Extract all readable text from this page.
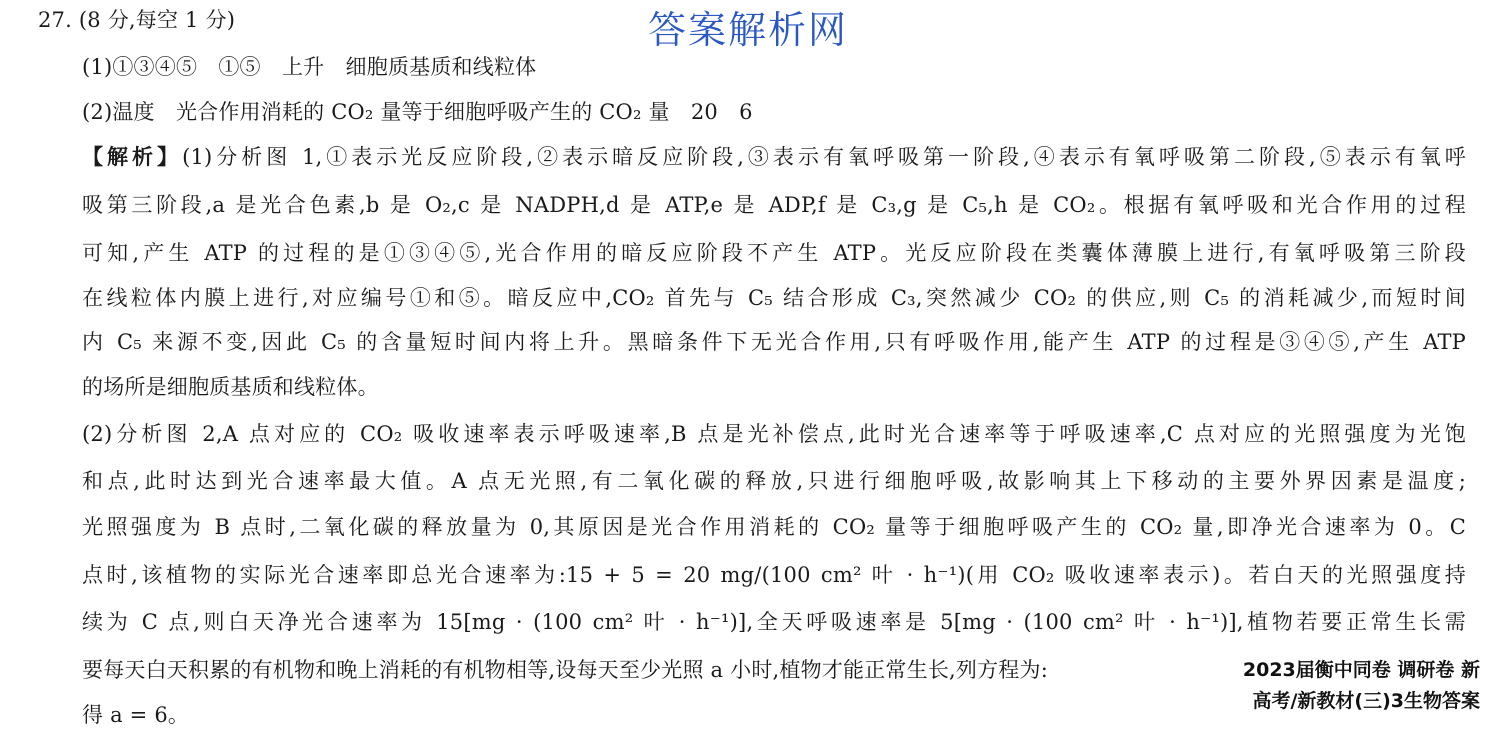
答案解析网
27. (8 分,每空 1 分)
(1)①③④⑤　①⑤　上升　细胞质基质和线粒体
(2)温度　光合作用消耗的 CO₂ 量等于细胞呼吸产生的 CO₂ 量　20　6
【解析】(1)分析图 1,①表示光反应阶段,②表示暗反应阶段,③表示有氧呼吸第一阶段,④表示有氧呼吸第二阶段,⑤表示有氧呼
吸第三阶段,a 是光合色素,b 是 O₂,c 是 NADPH,d 是 ATP,e 是 ADP,f 是 C₃,g 是 C₅,h 是 CO₂。根据有氧呼吸和光合作用的过程
可知,产生 ATP 的过程的是①③④⑤,光合作用的暗反应阶段不产生 ATP。光反应阶段在类囊体薄膜上进行,有氧呼吸第三阶段
在线粒体内膜上进行,对应编号①和⑤。暗反应中,CO₂ 首先与 C₅ 结合形成 C₃,突然减少 CO₂ 的供应,则 C₅ 的消耗减少,而短时间
内 C₅ 来源不变,因此 C₅ 的含量短时间内将上升。黑暗条件下无光合作用,只有呼吸作用,能产生 ATP 的过程是③④⑤,产生 ATP
的场所是细胞质基质和线粒体。
(2)分析图 2,A 点对应的 CO₂ 吸收速率表示呼吸速率,B 点是光补偿点,此时光合速率等于呼吸速率,C 点对应的光照强度为光饱
和点,此时达到光合速率最大值。A 点无光照,有二氧化碳的释放,只进行细胞呼吸,故影响其上下移动的主要外界因素是温度;
光照强度为 B 点时,二氧化碳的释放量为 0,其原因是光合作用消耗的 CO₂ 量等于细胞呼吸产生的 CO₂ 量,即净光合速率为 0。C
点时,该植物的实际光合速率即总光合速率为:15 + 5 = 20 mg/(100 cm² 叶 · h⁻¹)(用 CO₂ 吸收速率表示)。若白天的光照强度持
续为 C 点,则白天净光合速率为 15[mg · (100 cm² 叶 · h⁻¹)],全天呼吸速率是 5[mg · (100 cm² 叶 · h⁻¹)],植物若要正常生长需
要每天白天积累的有机物和晚上消耗的有机物相等,设每天至少光照 a 小时,植物才能正常生长,列方程为:
得 a = 6。
2023届衡中同卷 调研卷 新
高考/新教材(三)3生物答案
